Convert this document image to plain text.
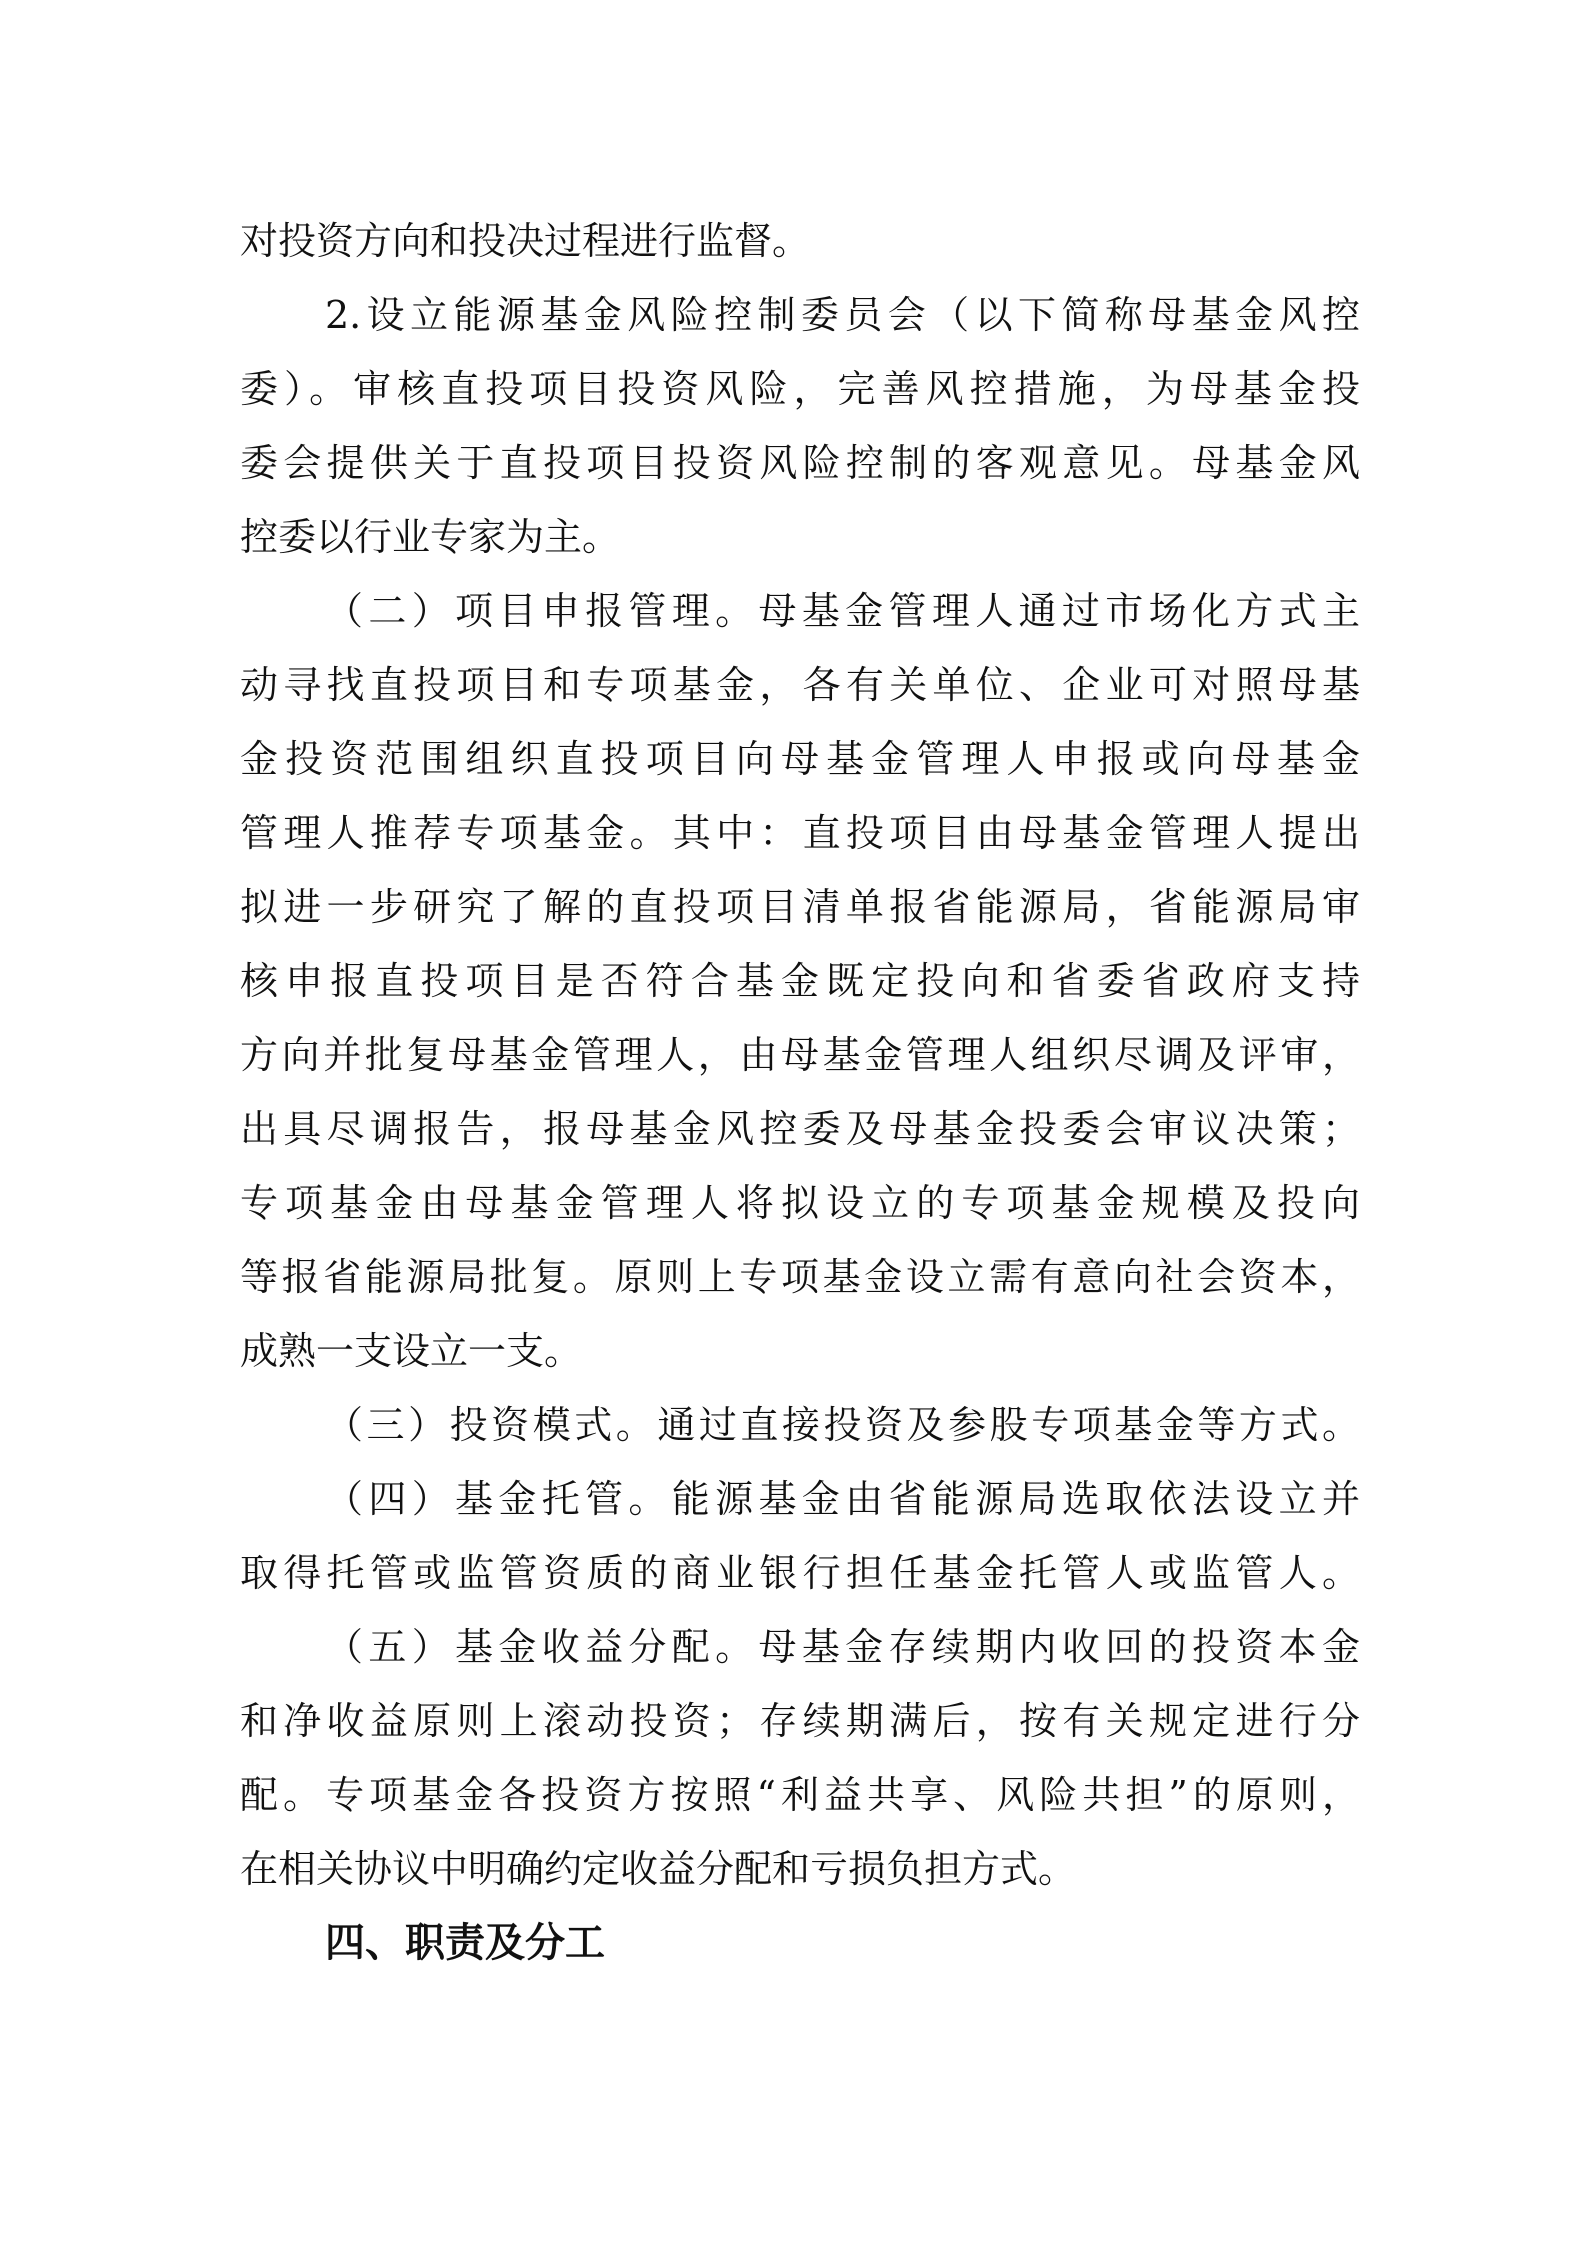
对投资方向和投决过程进行监督。
2.设立能源基金风险控制委员会（以下简称母基金风控
委）。审核直投项目投资风险，完善风控措施，为母基金投
委会提供关于直投项目投资风险控制的客观意见。母基金风
控委以行业专家为主。
（二）项目申报管理。母基金管理人通过市场化方式主
动寻找直投项目和专项基金，各有关单位、企业可对照母基
金投资范围组织直投项目向母基金管理人申报或向母基金
管理人推荐专项基金。其中：直投项目由母基金管理人提出
拟进一步研究了解的直投项目清单报省能源局，省能源局审
核申报直投项目是否符合基金既定投向和省委省政府支持
方向并批复母基金管理人，由母基金管理人组织尽调及评审，
出具尽调报告，报母基金风控委及母基金投委会审议决策；
专项基金由母基金管理人将拟设立的专项基金规模及投向
等报省能源局批复。原则上专项基金设立需有意向社会资本，
成熟一支设立一支。
（三）投资模式。通过直接投资及参股专项基金等方式。
（四）基金托管。能源基金由省能源局选取依法设立并
取得托管或监管资质的商业银行担任基金托管人或监管人。
（五）基金收益分配。母基金存续期内收回的投资本金
和净收益原则上滚动投资；存续期满后，按有关规定进行分
配。专项基金各投资方按照“利益共享、风险共担”的原则，
在相关协议中明确约定收益分配和亏损负担方式。
四、职责及分工
